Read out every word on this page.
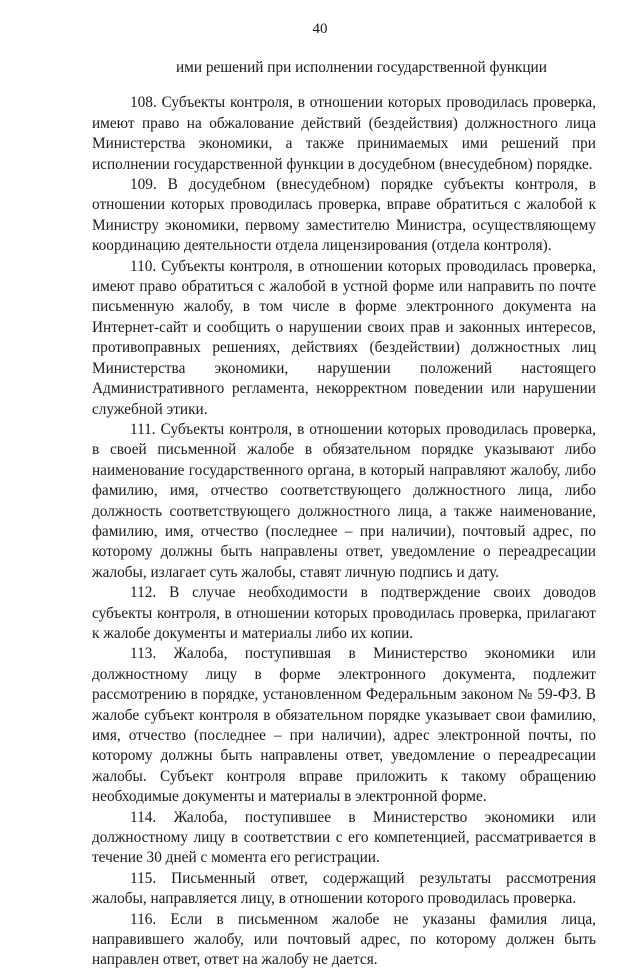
40

ими решений при исполнении государственной функции

108. Субъекты контроля, в отношении которых проводилась проверка, имеют право на обжалование действий (бездействия) должностного лица Министерства экономики, а также принимаемых ими решений при исполнении государственной функции в досудебном (внесудебном) порядке.

109. В досудебном (внесудебном) порядке субъекты контроля, в отношении которых проводилась проверка, вправе обратиться с жалобой к Министру экономики, первому заместителю Министра, осуществляющему координацию деятельности отдела лицензирования (отдела контроля).

110. Субъекты контроля, в отношении которых проводилась проверка, имеют право обратиться с жалобой в устной форме или направить по почте письменную жалобу, в том числе в форме электронного документа на Интернет-сайт и сообщить о нарушении своих прав и законных интересов, противоправных решениях, действиях (бездействии) должностных лиц Министерства экономики, нарушении положений настоящего Административного регламента, некорректном поведении или нарушении служебной этики.

111. Субъекты контроля, в отношении которых проводилась проверка, в своей письменной жалобе в обязательном порядке указывают либо наименование государственного органа, в который направляют жалобу, либо фамилию, имя, отчество соответствующего должностного лица, либо должность соответствующего должностного лица, а также наименование, фамилию, имя, отчество (последнее – при наличии), почтовый адрес, по которому должны быть направлены ответ, уведомление о переадресации жалобы, излагает суть жалобы, ставят личную подпись и дату.

112. В случае необходимости в подтверждение своих доводов субъекты контроля, в отношении которых проводилась проверка, прилагают к жалобе документы и материалы либо их копии.

113. Жалоба, поступившая в Министерство экономики или должностному лицу в форме электронного документа, подлежит рассмотрению в порядке, установленном Федеральным законом № 59-ФЗ. В жалобе субъект контроля в обязательном порядке указывает свои фамилию, имя, отчество (последнее – при наличии), адрес электронной почты, по которому должны быть направлены ответ, уведомление о переадресации жалобы. Субъект контроля вправе приложить к такому обращению необходимые документы и материалы в электронной форме.

114. Жалоба, поступившее в Министерство экономики или должностному лицу в соответствии с его компетенцией, рассматривается в течение 30 дней с момента его регистрации.

115. Письменный ответ, содержащий результаты рассмотрения жалобы, направляется лицу, в отношении которого проводилась проверка.

116. Если в письменном жалобе не указаны фамилия лица, направившего жалобу, или почтовый адрес, по которому должен быть направлен ответ, ответ на жалобу не дается.
